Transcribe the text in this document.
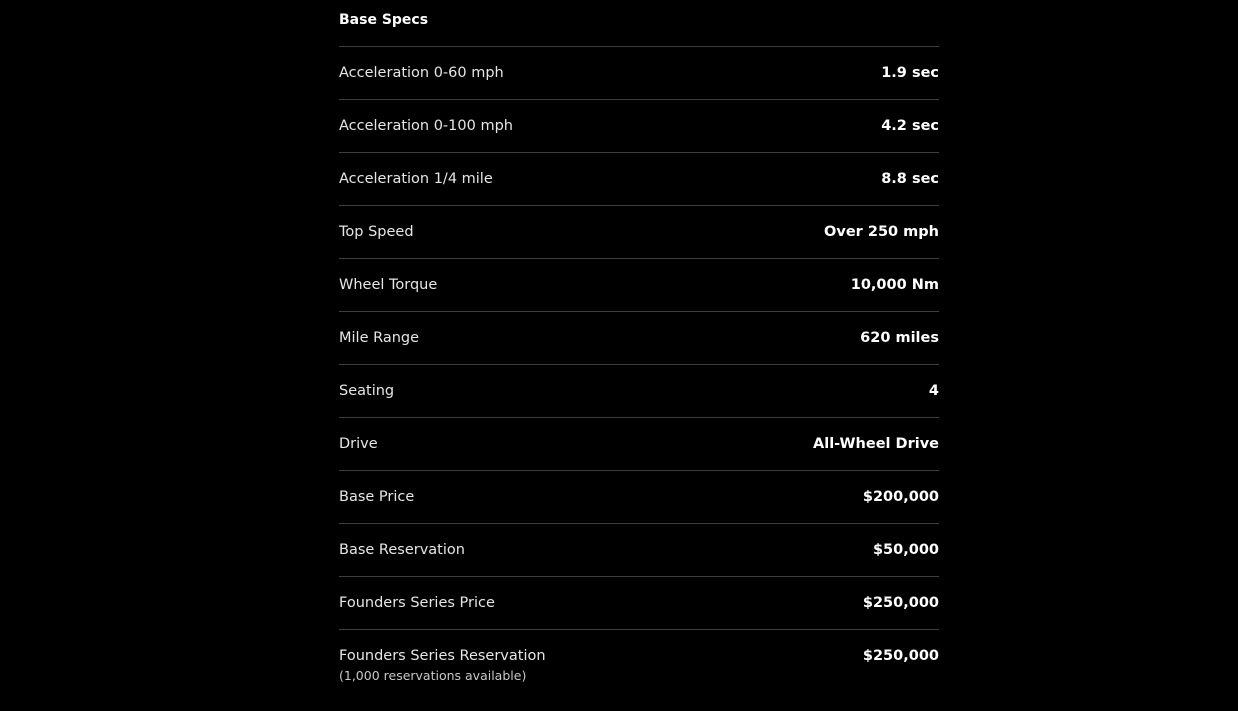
Base Specs
Acceleration 0-60 mph	1.9 sec
Acceleration 0-100 mph	4.2 sec
Acceleration 1/4 mile	8.8 sec
Top Speed	Over 250 mph
Wheel Torque	10,000 Nm
Mile Range	620 miles
Seating	4
Drive	All-Wheel Drive
Base Price	$200,000
Base Reservation	$50,000
Founders Series Price	$250,000
Founders Series Reservation	$250,000
(1,000 reservations available)
